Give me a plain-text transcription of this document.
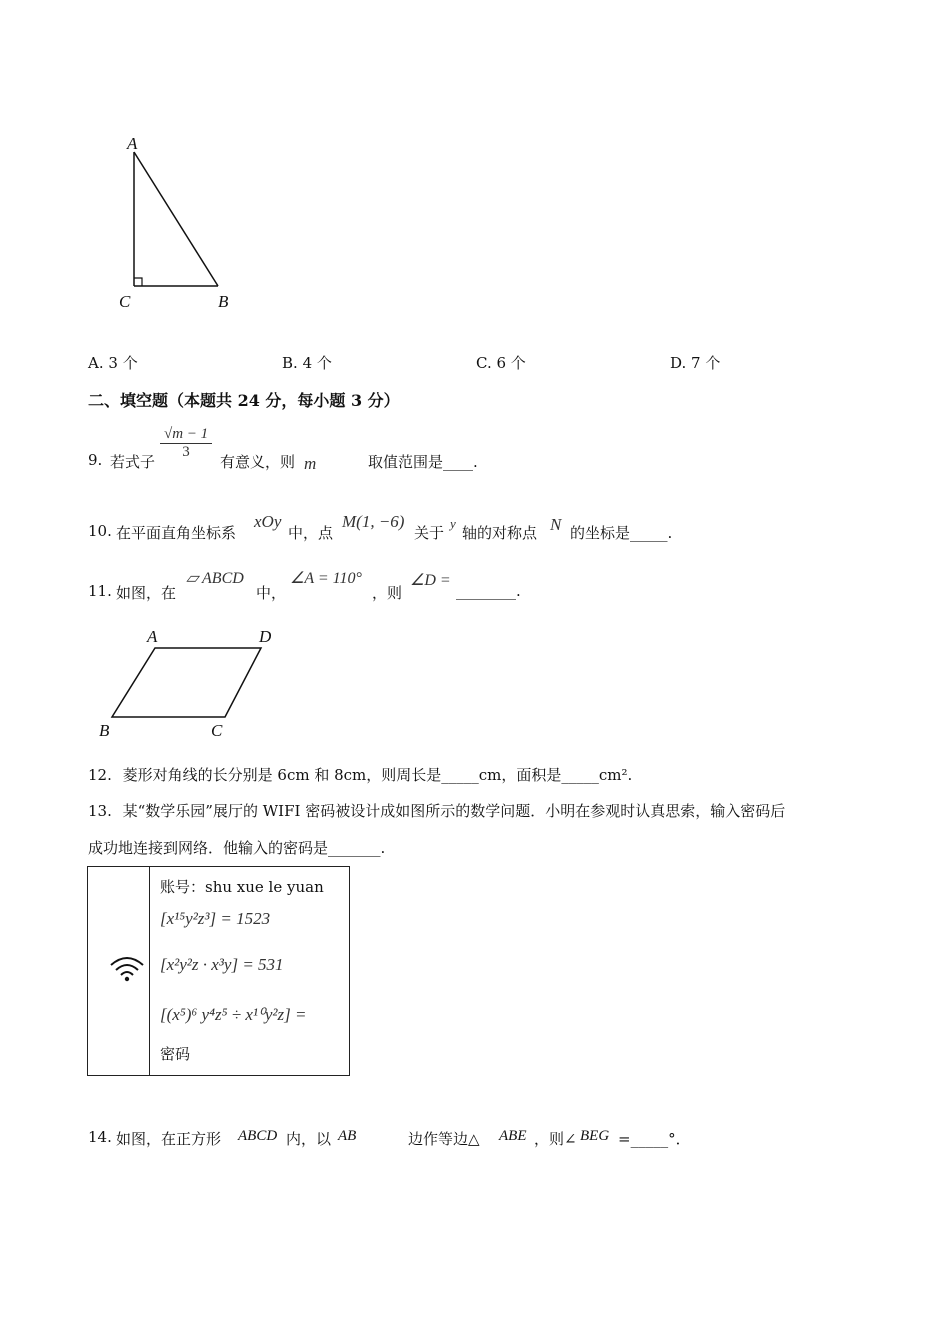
A
C	B
A. 3 个	B. 4 个	C. 6 个	D. 7 个
二、填空题（本题共 24 分，每小题 3 分）
9. 若式子
$\frac{√m - 1}{3}$
有意义，则 m	取值范围是____.
10. 在平面直角坐标系
xOy
中，点
M(1, −6)
关于
y
轴的对称点 N 的坐标是_____.
11. 如图，在
▱ ABCD
中，
∠A = 110°
，则
∠D =
________.
A	D
B	C
12. 菱形对角线的长分别是 6cm 和 8cm，则周长是_____cm，面积是_____cm².
13. 某“数学乐园”展厅的 WIFI 密码被设计成如图所示的数学问题．小明在参观时认真思索，输入密码后
成功地连接到网络．他输入的密码是_______.
账号：shu xue le yuan
[x¹⁵y²z³] = 1523
[x²y²z · x³y] = 531
[(x⁵)⁶ y⁴z⁵ ÷ x¹⁰y²z] =
密码
14. 如图，在正方形 ABCD 内，以 AB	边作等边△ ABE ，则∠ BEG =_____°．
